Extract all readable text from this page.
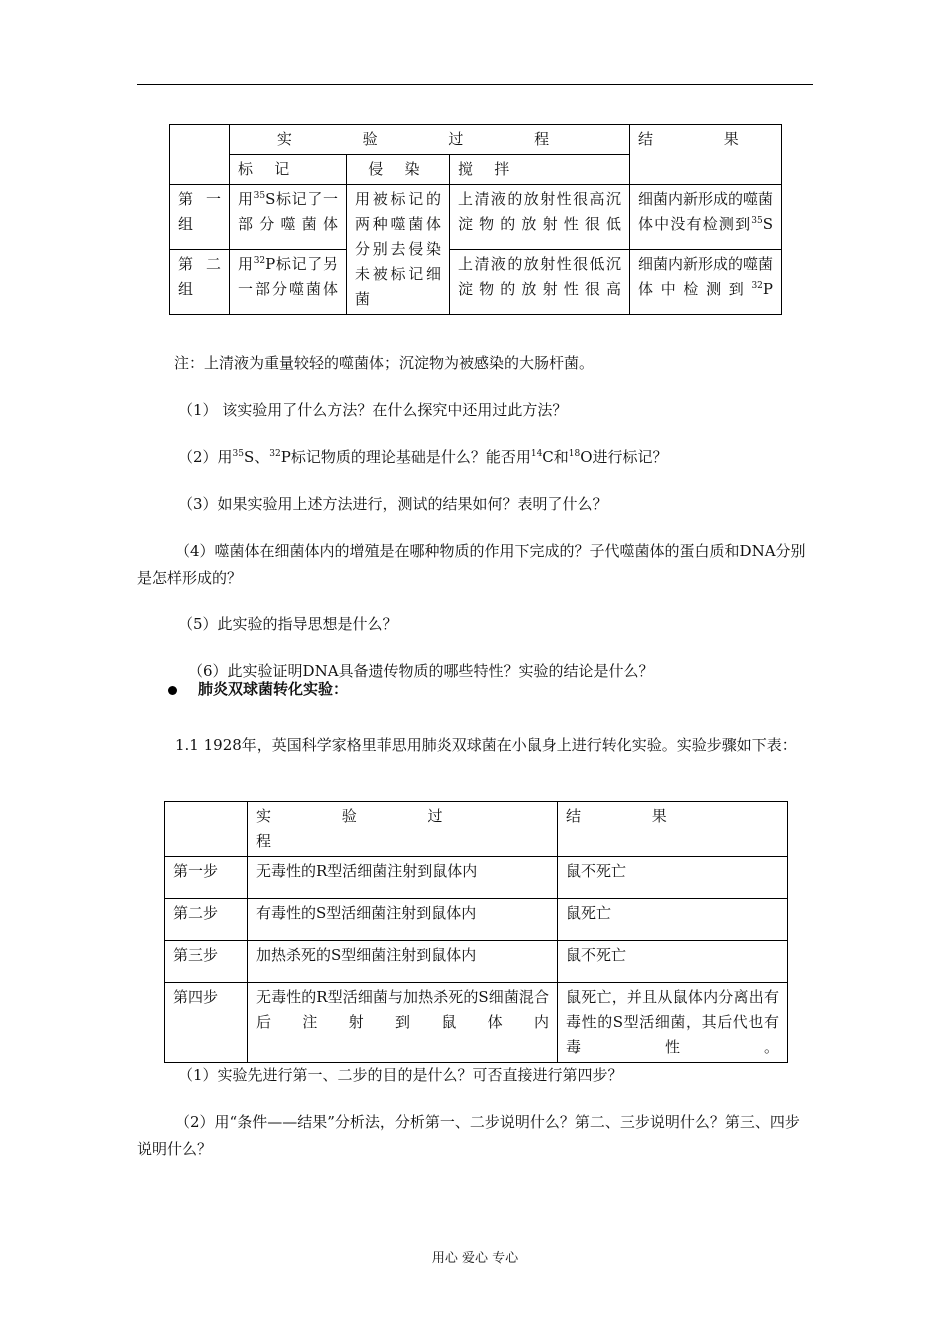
	实 验 过 程			结 果
	标 记	侵 染	搅 拌	
第一组	用$^{35}$S标记了一部分噬菌体	用被标记的两种噬菌体分别去侵染未被标记细菌	上清液的放射性很高沉淀物的放射性很低	细菌内新形成的噬菌体中没有检测到$^{35}$S
第二组	用$^{32}$P标记了另一部分噬菌体		上清液的放射性很低沉淀物的放射性很高	细菌内新形成的噬菌体中检测到$^{32}$P

注：上清液为重量较轻的噬菌体；沉淀物为被感染的大肠杆菌。

（1） 该实验用了什么方法？在什么探究中还用过此方法？

（2）用$^{35}$S、$^{32}$P标记物质的理论基础是什么？能否用$^{14}$C和$^{18}$O进行标记？

（3）如果实验用上述方法进行，测试的结果如何？表明了什么？

（4）噬菌体在细菌体内的增殖是在哪种物质的作用下完成的？子代噬菌体的蛋白质和DNA分别是怎样形成的？

（5）此实验的指导思想是什么？

（6）此实验证明DNA具备遗传物质的哪些特性？实验的结论是什么？

肺炎双球菌转化实验：

1.1 1928年，英国科学家格里菲思用肺炎双球菌在小鼠身上进行转化实验。实验步骤如下表：

	实 验 过 程	结 果
第一步	无毒性的R型活细菌注射到鼠体内	鼠不死亡
第二步	有毒性的S型活细菌注射到鼠体内	鼠死亡
第三步	加热杀死的S型细菌注射到鼠体内	鼠不死亡
第四步	无毒性的R型活细菌与加热杀死的S细菌混合后注射到鼠体内	鼠死亡，并且从鼠体内分离出有毒性的S型活细菌，其后代也有毒性。

（1）实验先进行第一、二步的目的是什么？可否直接进行第四步？

（2）用“条件——结果”分析法，分析第一、二步说明什么？第二、三步说明什么？第三、四步说明什么？

用心 爱心 专心
